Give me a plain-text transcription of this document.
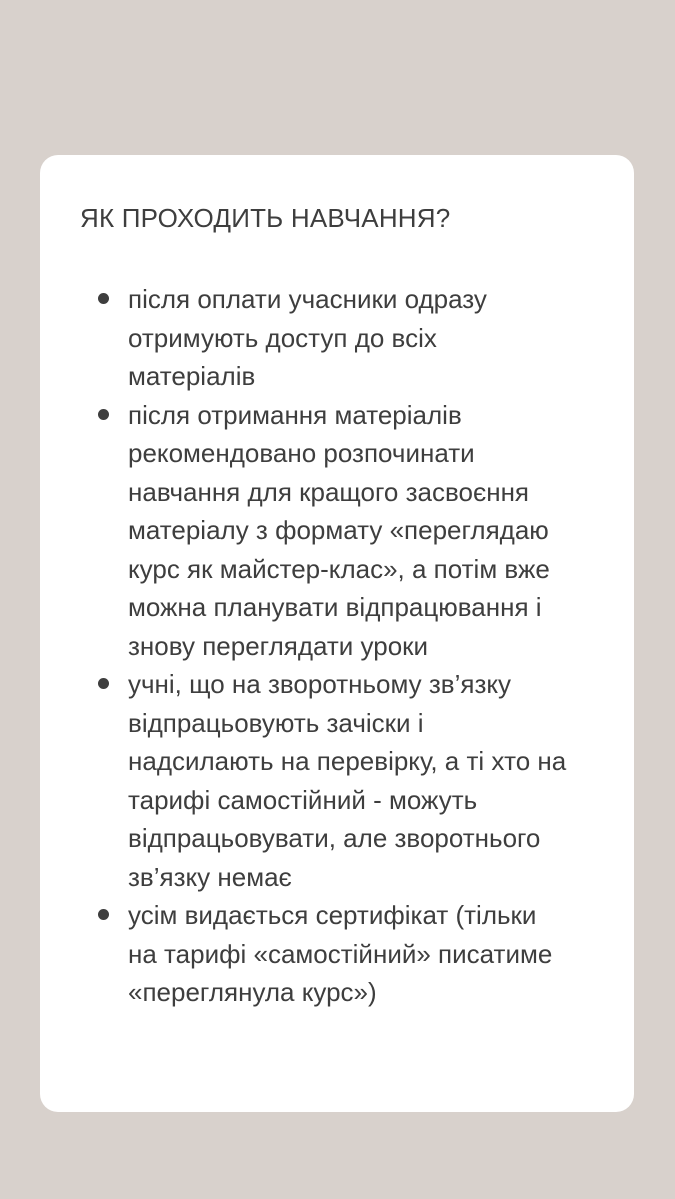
ЯК ПРОХОДИТЬ НАВЧАННЯ?
після оплати учасники одразу отримують доступ до всіх матеріалів
після отримання матеріалів рекомендовано розпочинати навчання для кращого засвоєння матеріалу з формату «переглядаю курс як майстер-клас», а потім вже можна планувати відпрацювання і знову переглядати уроки
учні, що на зворотньому зв’язку відпрацьовують зачіски і надсилають на перевірку, а ті хто на тарифі самостійний - можуть відпрацьовувати, але зворотнього зв’язку немає
усім видається сертифікат (тільки на тарифі «самостійний» писатиме «переглянула курс»)
